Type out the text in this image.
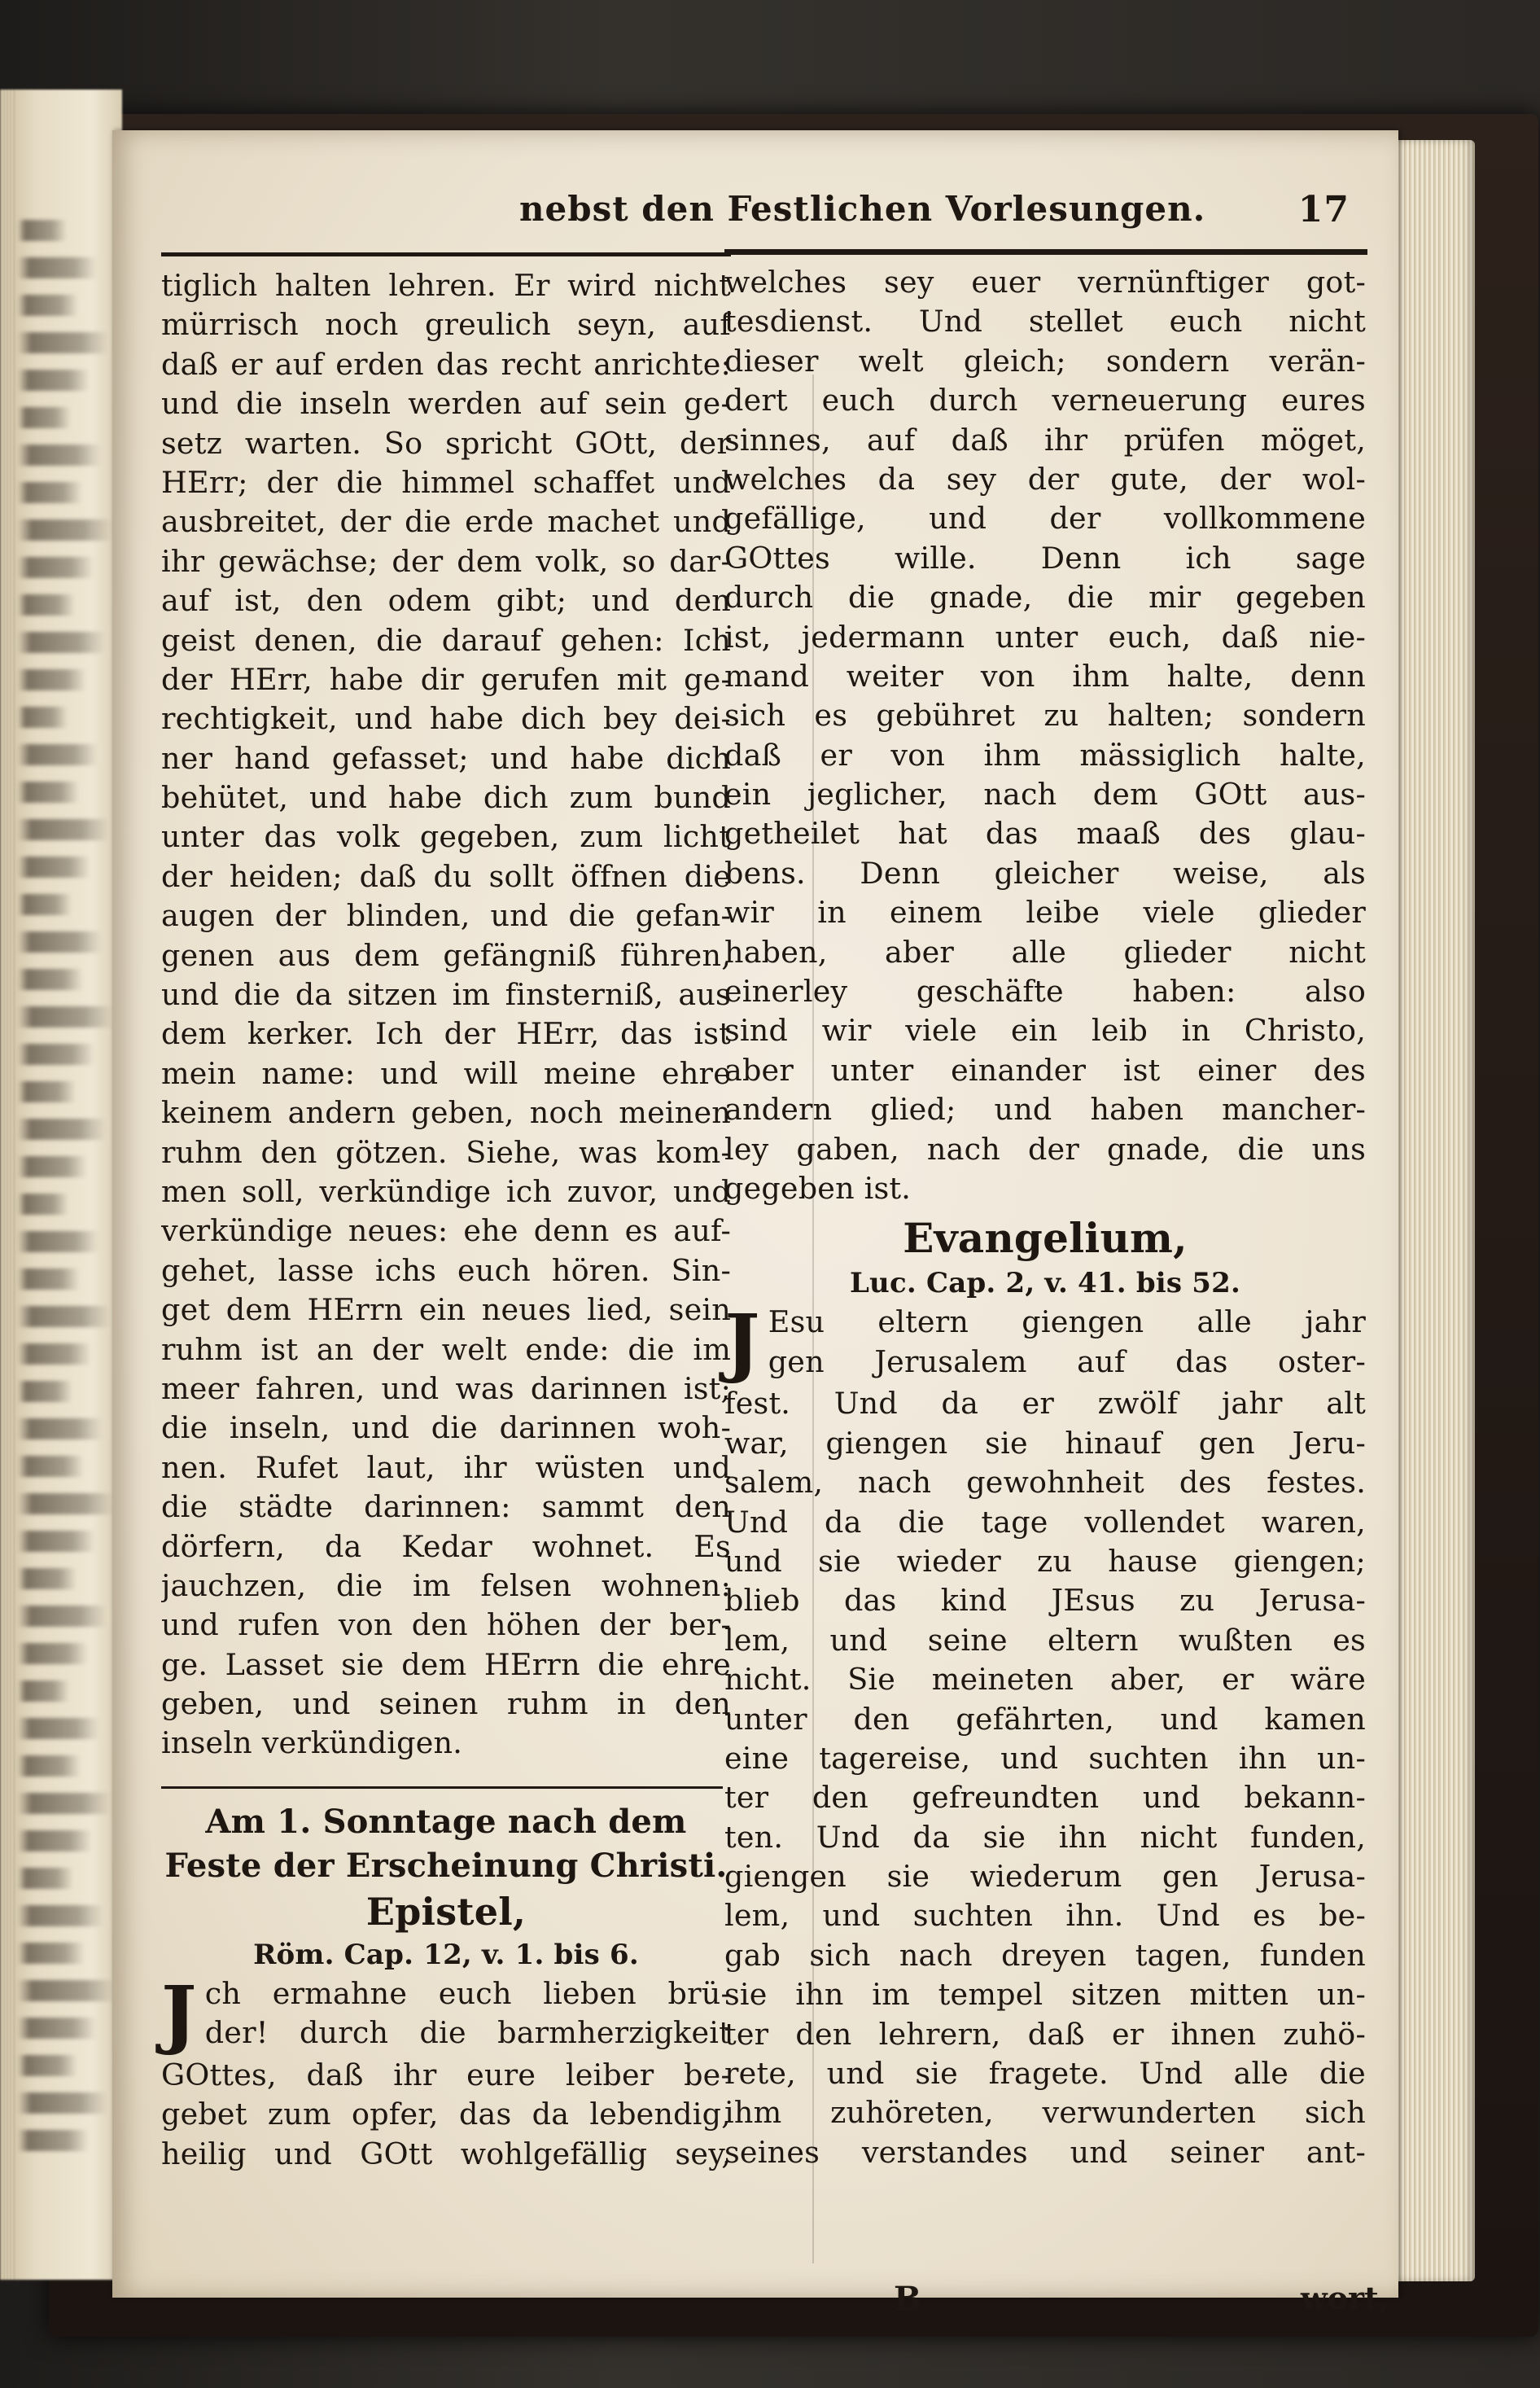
nebst den Festlichen Vorlesungen.	17
tiglich halten lehren. Er wird nicht
mürrisch noch greulich seyn, auf
daß er auf erden das recht anrichte:
und die inseln werden auf sein ge-
setz warten. So spricht GOtt, der
HErr; der die himmel schaffet und
ausbreitet, der die erde machet und
ihr gewächse; der dem volk, so dar-
auf ist, den odem gibt; und den
geist denen, die darauf gehen: Ich
der HErr, habe dir gerufen mit ge-
rechtigkeit, und habe dich bey dei-
ner hand gefasset; und habe dich
behütet, und habe dich zum bund
unter das volk gegeben, zum licht
der heiden; daß du sollt öffnen die
augen der blinden, und die gefan-
genen aus dem gefängniß führen,
und die da sitzen im finsterniß, aus
dem kerker. Ich der HErr, das ist
mein name: und will meine ehre
keinem andern geben, noch meinen
ruhm den götzen. Siehe, was kom-
men soll, verkündige ich zuvor, und
verkündige neues: ehe denn es auf-
gehet, lasse ichs euch hören. Sin-
get dem HErrn ein neues lied, sein
ruhm ist an der welt ende: die im
meer fahren, und was darinnen ist;
die inseln, und die darinnen woh-
nen. Rufet laut, ihr wüsten und
die städte darinnen: sammt den
dörfern, da Kedar wohnet. Es
jauchzen, die im felsen wohnen:
und rufen von den höhen der ber-
ge. Lasset sie dem HErrn die ehre
geben, und seinen ruhm in den
inseln verkündigen.
Am 1. Sonntage nach dem
Feste der Erscheinung Christi.
Epistel,
Röm. Cap. 12, v. 1. bis 6.
J ch ermahne euch lieben brü-
der! durch die barmherzigkeit
GOttes, daß ihr eure leiber be-
gebet zum opfer, das da lebendig,
heilig und GOtt wohlgefällig sey,
welches sey euer vernünftiger got-
tesdienst. Und stellet euch nicht
dieser welt gleich; sondern verän-
dert euch durch verneuerung eures
sinnes, auf daß ihr prüfen möget,
welches da sey der gute, der wol-
gefällige, und der vollkommene
GOttes wille. Denn ich sage
durch die gnade, die mir gegeben
ist, jedermann unter euch, daß nie-
mand weiter von ihm halte, denn
sich es gebühret zu halten; sondern
daß er von ihm mässiglich halte,
ein jeglicher, nach dem GOtt aus-
getheilet hat das maaß des glau-
bens. Denn gleicher weise, als
wir in einem leibe viele glieder
haben, aber alle glieder nicht
einerley geschäfte haben: also
sind wir viele ein leib in Christo,
aber unter einander ist einer des
andern glied; und haben mancher-
ley gaben, nach der gnade, die uns
gegeben ist.
Evangelium,
Luc. Cap. 2, v. 41. bis 52.
J Esu eltern giengen alle jahr
gen Jerusalem auf das oster-
fest. Und da er zwölf jahr alt
war, giengen sie hinauf gen Jeru-
salem, nach gewohnheit des festes.
Und da die tage vollendet waren,
und sie wieder zu hause giengen;
blieb das kind JEsus zu Jerusa-
lem, und seine eltern wußten es
nicht. Sie meineten aber, er wäre
unter den gefährten, und kamen
eine tagereise, und suchten ihn un-
ter den gefreundten und bekann-
ten. Und da sie ihn nicht funden,
giengen sie wiederum gen Jerusa-
lem, und suchten ihn. Und es be-
gab sich nach dreyen tagen, funden
sie ihn im tempel sitzen mitten un-
ter den lehrern, daß er ihnen zuhö-
rete, und sie fragete. Und alle die
ihm zuhöreten, verwunderten sich
seines verstandes und seiner ant-
B	wort,
